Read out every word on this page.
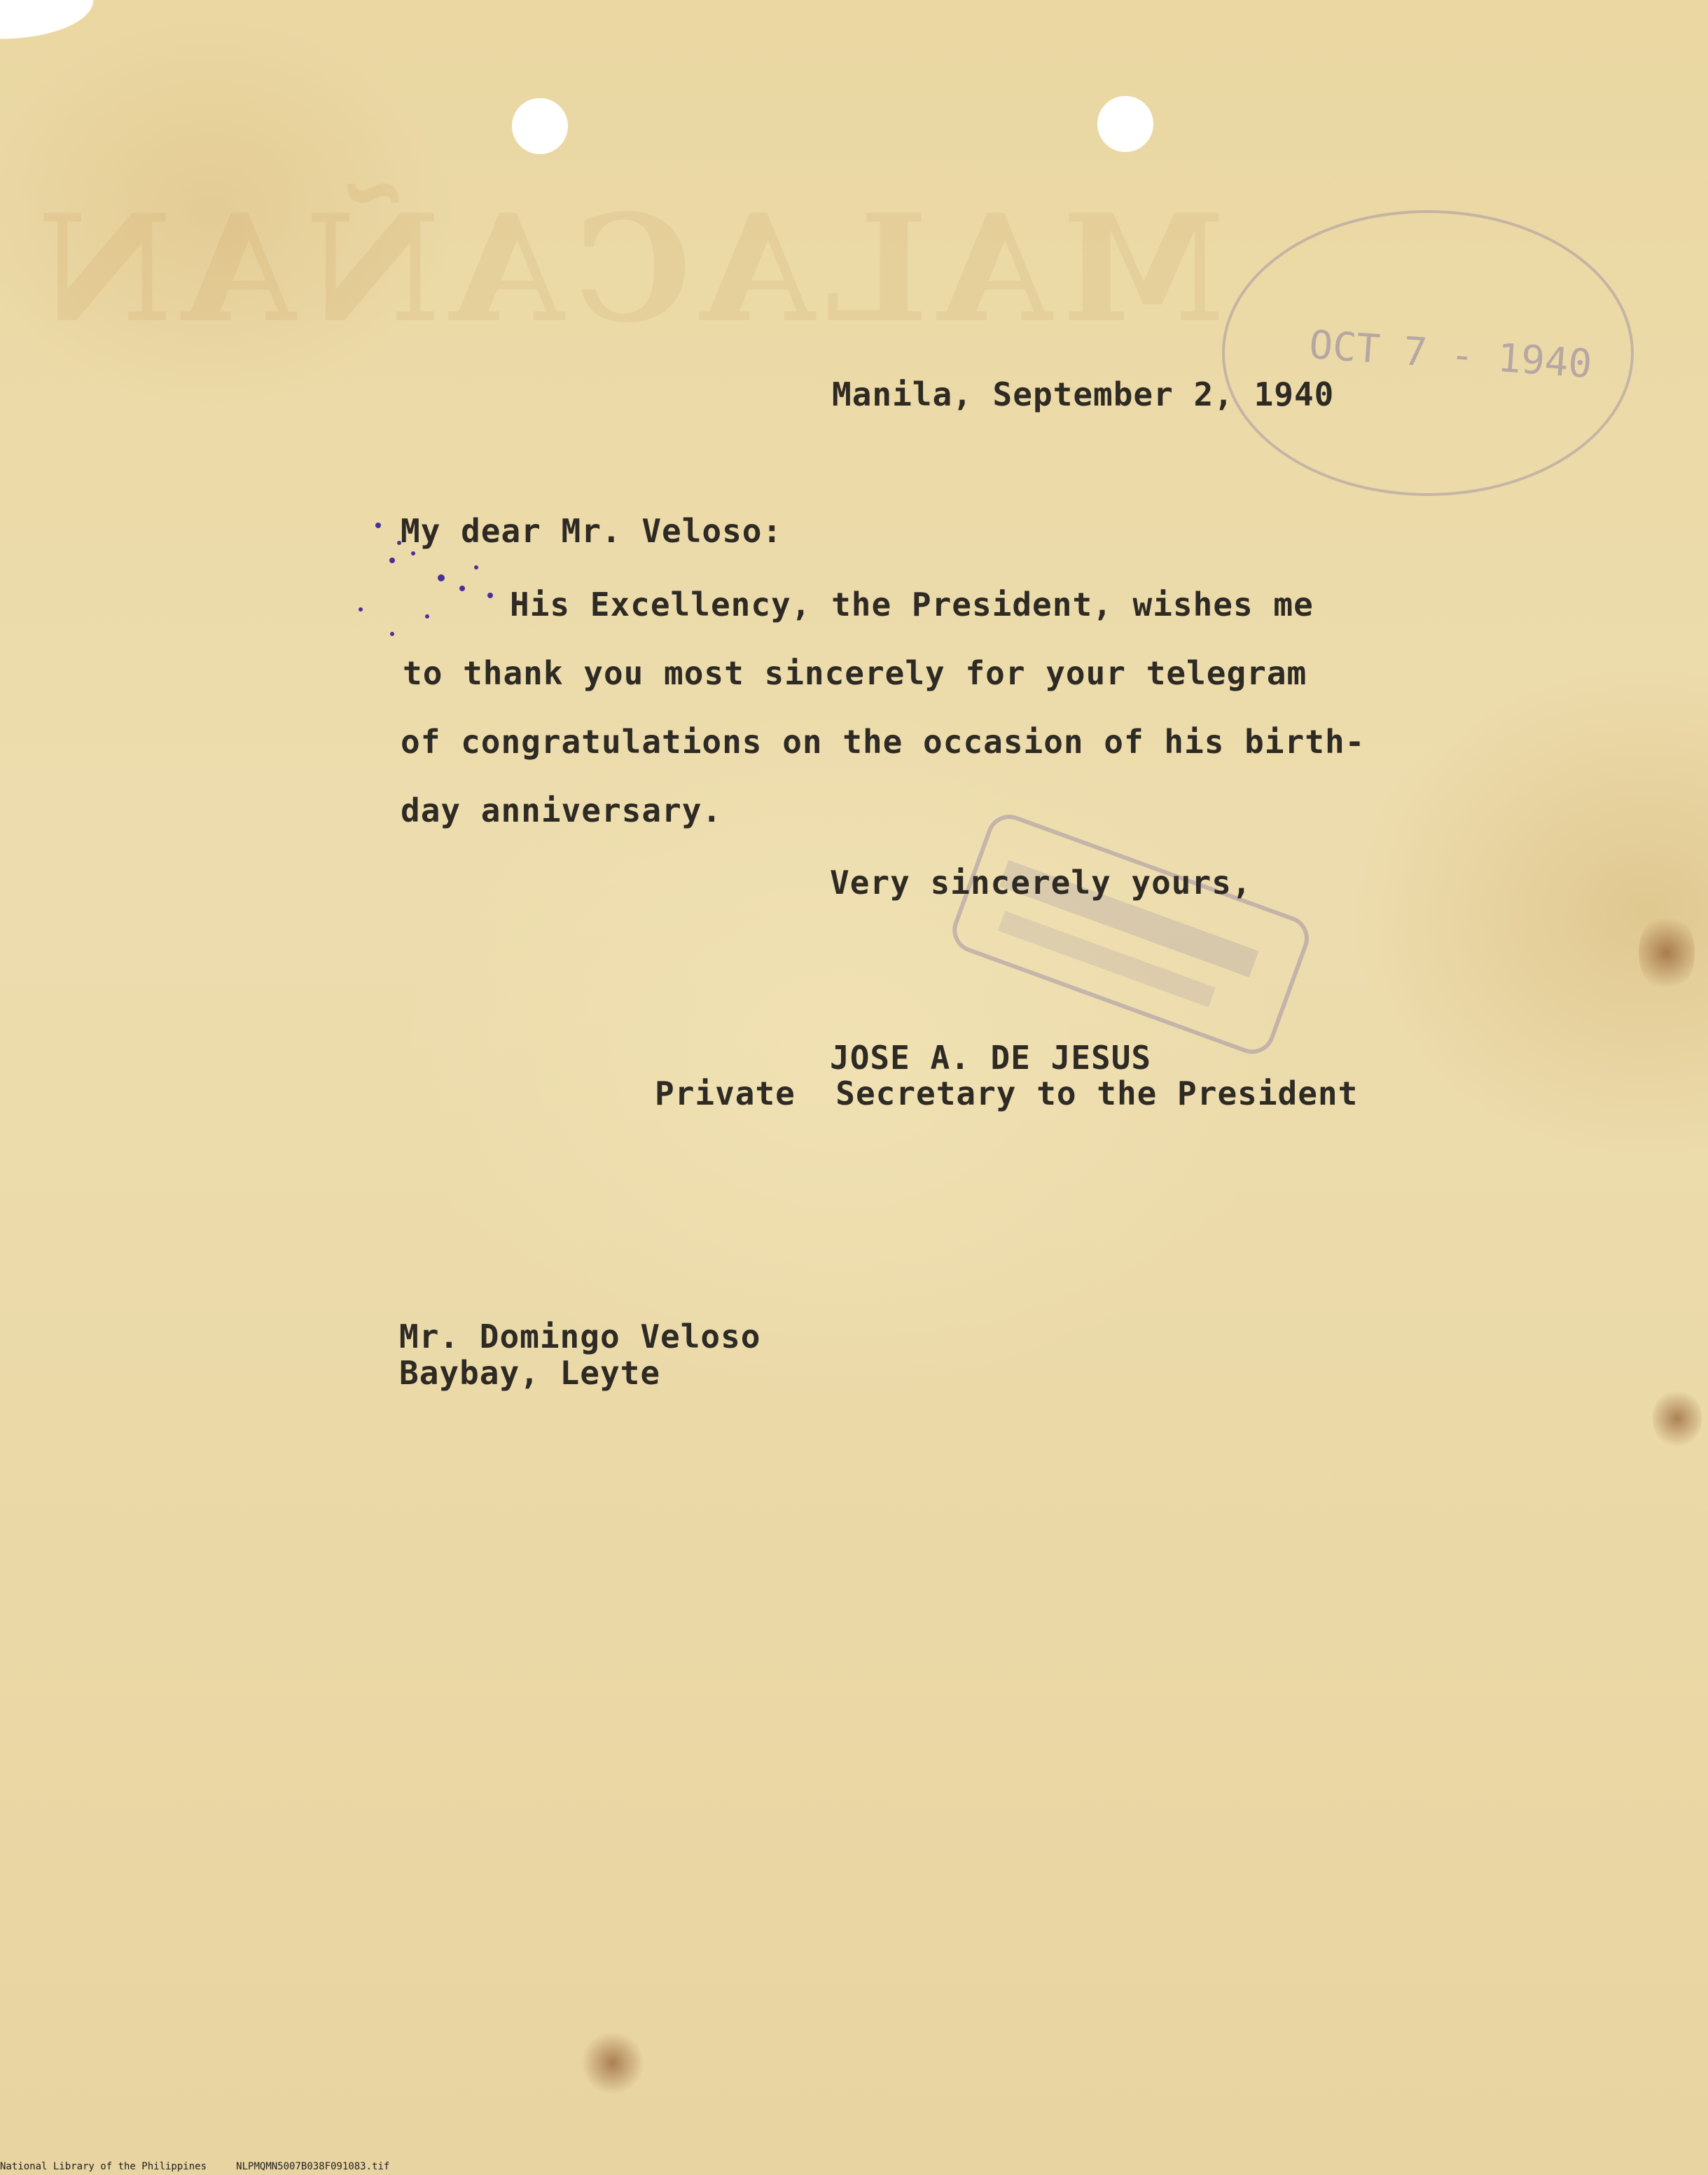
MALACAÑAN OCT 7 - 1940
Manila, September 2, 1940
My dear Mr. Veloso:
His Excellency, the President, wishes me
to thank you most sincerely for your telegram
of congratulations on the occasion of his birth-
day anniversary.
Very sincerely yours,
JOSE A. DE JESUS
Private  Secretary to the President
Mr. Domingo Veloso
Baybay, Leyte
National Library of the Philippines	NLPMQMN5007B038F091083.tif
